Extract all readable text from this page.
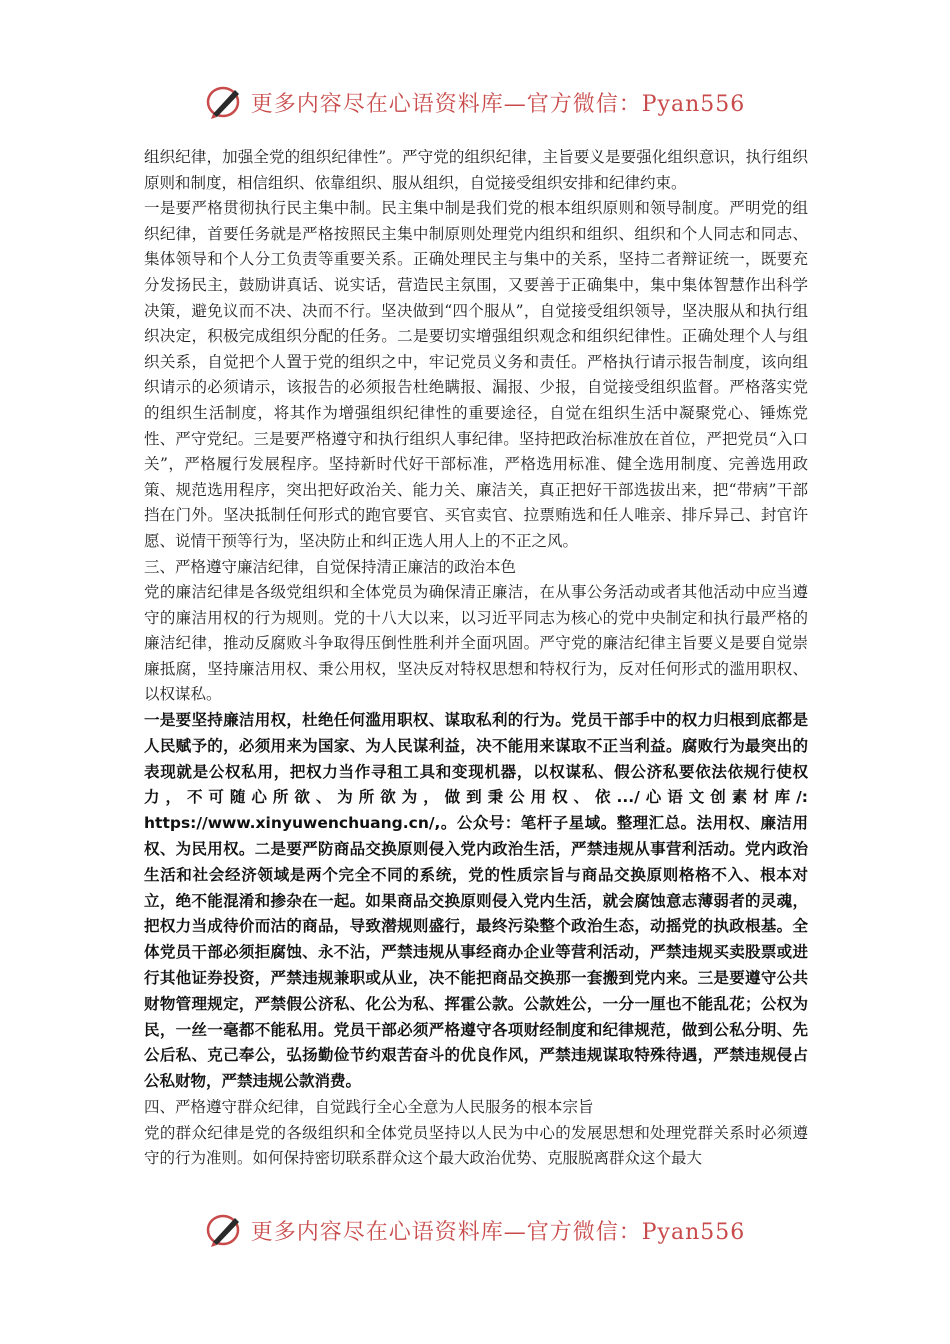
更多内容尽在心语资料库—官方微信：Pyan556

组织纪律，加强全党的组织纪律性”。严守党的组织纪律，主旨要义是要强化组织意识，执行组织原则和制度，相信组织、依靠组织、服从组织，自觉接受组织安排和纪律约束。

一是要严格贯彻执行民主集中制。民主集中制是我们党的根本组织原则和领导制度。严明党的组织纪律，首要任务就是严格按照民主集中制原则处理党内组织和组织、组织和个人同志和同志、集体领导和个人分工负责等重要关系。正确处理民主与集中的关系，坚持二者辩证统一，既要充分发扬民主，鼓励讲真话、说实话，营造民主氛围，又要善于正确集中，集中集体智慧作出科学决策，避免议而不决、决而不行。坚决做到“四个服从”，自觉接受组织领导，坚决服从和执行组织决定，积极完成组织分配的任务。二是要切实增强组织观念和组织纪律性。正确处理个人与组织关系，自觉把个人置于党的组织之中，牢记党员义务和责任。严格执行请示报告制度，该向组织请示的必须请示，该报告的必须报告杜绝瞒报、漏报、少报，自觉接受组织监督。严格落实党的组织生活制度，将其作为增强组织纪律性的重要途径，自觉在组织生活中凝聚党心、锤炼党性、严守党纪。三是要严格遵守和执行组织人事纪律。坚持把政治标准放在首位，严把党员“入口关”，严格履行发展程序。坚持新时代好干部标准，严格选用标准、健全选用制度、完善选用政策、规范选用程序，突出把好政治关、能力关、廉洁关，真正把好干部选拔出来，把“带病”干部挡在门外。坚决抵制任何形式的跑官要官、买官卖官、拉票贿选和任人唯亲、排斥异己、封官许愿、说情干预等行为，坚决防止和纠正选人用人上的不正之风。

三、严格遵守廉洁纪律，自觉保持清正廉洁的政治本色

党的廉洁纪律是各级党组织和全体党员为确保清正廉洁，在从事公务活动或者其他活动中应当遵守的廉洁用权的行为规则。党的十八大以来，以习近平同志为核心的党中央制定和执行最严格的廉洁纪律，推动反腐败斗争取得压倒性胜利并全面巩固。严守党的廉洁纪律主旨要义是要自觉崇廉抵腐，坚持廉洁用权、秉公用权，坚决反对特权思想和特权行为，反对任何形式的滥用职权、以权谋私。

一是要坚持廉洁用权，杜绝任何滥用职权、谋取私利的行为。党员干部手中的权力归根到底都是人民赋予的，必须用来为国家、为人民谋利益，决不能用来谋取不正当利益。腐败行为最突出的表现就是公权私用，把权力当作寻租工具和变现机器，以权谋私、假公济私要依法依规行使权力，不可随心所欲、为所欲为，做到秉公用权、依.../心语文创素材库/: https://www.xinyuwenchuang.cn/,。公众号：笔杆子星域。整理汇总。法用权、廉洁用权、为民用权。二是要严防商品交换原则侵入党内政治生活，严禁违规从事营利活动。党内政治生活和社会经济领域是两个完全不同的系统，党的性质宗旨与商品交换原则格格不入、根本对立，绝不能混淆和掺杂在一起。如果商品交换原则侵入党内生活，就会腐蚀意志薄弱者的灵魂，把权力当成待价而沽的商品，导致潜规则盛行，最终污染整个政治生态，动摇党的执政根基。全体党员干部必须拒腐蚀、永不沾，严禁违规从事经商办企业等营利活动，严禁违规买卖股票或进行其他证券投资，严禁违规兼职或从业，决不能把商品交换那一套搬到党内来。三是要遵守公共财物管理规定，严禁假公济私、化公为私、挥霍公款。公款姓公，一分一厘也不能乱花；公权为民，一丝一毫都不能私用。党员干部必须严格遵守各项财经制度和纪律规范，做到公私分明、先公后私、克己奉公，弘扬勤俭节约艰苦奋斗的优良作风，严禁违规谋取特殊待遇，严禁违规侵占公私财物，严禁违规公款消费。

四、严格遵守群众纪律，自觉践行全心全意为人民服务的根本宗旨

党的群众纪律是党的各级组织和全体党员坚持以人民为中心的发展思想和处理党群关系时必须遵守的行为准则。如何保持密切联系群众这个最大政治优势、克服脱离群众这个最大

更多内容尽在心语资料库—官方微信：Pyan556
